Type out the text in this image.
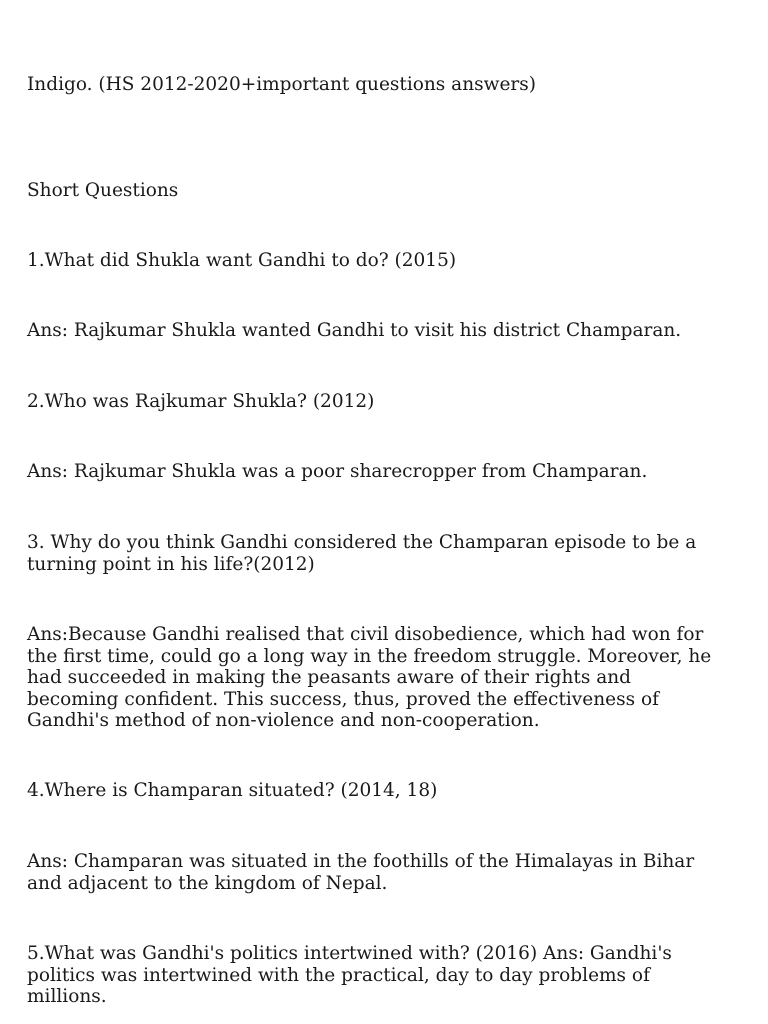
Indigo. (HS 2012-2020+important questions answers)

Short Questions

1.What did Shukla want Gandhi to do? (2015)

Ans: Rajkumar Shukla wanted Gandhi to visit his district Champaran.

2.Who was Rajkumar Shukla? (2012)

Ans: Rajkumar Shukla was a poor sharecropper from Champaran.

3. Why do you think Gandhi considered the Champaran episode to be a turning point in his life?(2012)

Ans:Because Gandhi realised that civil disobedience, which had won for the first time, could go a long way in the freedom struggle. Moreover, he had succeeded in making the peasants aware of their rights and becoming confident. This success, thus, proved the effectiveness of Gandhi's method of non-violence and non-cooperation.

4.Where is Champaran situated? (2014, 18)

Ans: Champaran was situated in the foothills of the Himalayas in Bihar and adjacent to the kingdom of Nepal.

5.What was Gandhi's politics intertwined with? (2016) Ans: Gandhi's politics was intertwined with the practical, day to day problems of millions.
